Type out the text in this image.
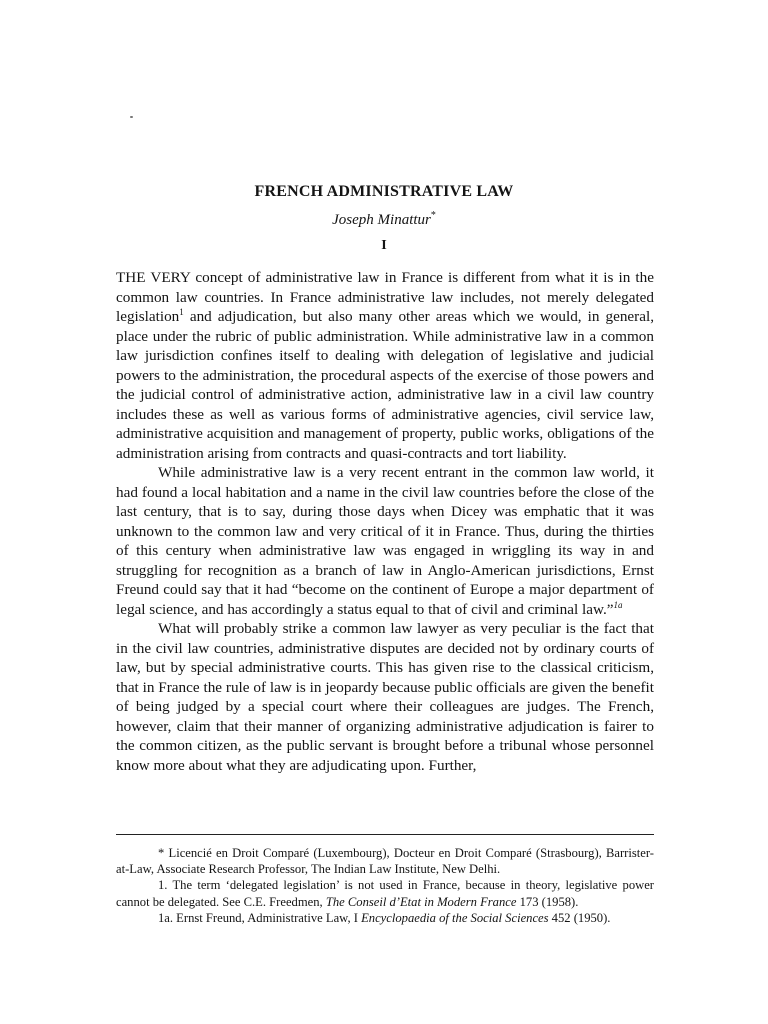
FRENCH ADMINISTRATIVE LAW
Joseph Minattur*
I

THE VERY concept of administrative law in France is different from what it is in the common law countries. In France administrative law includes, not merely delegated legislation$^1$ and adjudication, but also many other areas which we would, in general, place under the rubric of public administration. While administrative law in a common law jurisdiction confines itself to dealing with delegation of legislative and judicial powers to the administration, the procedural aspects of the exercise of those powers and the judicial control of administrative action, administrative law in a civil law country includes these as well as various forms of administrative agencies, civil service law, administrative acquisition and management of property, public works, obligations of the administration arising from contracts and quasi-contracts and tort liability.

While administrative law is a very recent entrant in the common law world, it had found a local habitation and a name in the civil law countries before the close of the last century, that is to say, during those days when Dicey was emphatic that it was unknown to the common law and very critical of it in France. Thus, during the thirties of this century when administrative law was engaged in wriggling its way in and struggling for recognition as a branch of law in Anglo-American jurisdictions, Ernst Freund could say that it had “become on the continent of Europe a major department of legal science, and has accordingly a status equal to that of civil and criminal law.”$^{1a}$

What will probably strike a common law lawyer as very peculiar is the fact that in the civil law countries, administrative disputes are decided not by ordinary courts of law, but by special administrative courts. This has given rise to the classical criticism, that in France the rule of law is in jeopardy because public officials are given the benefit of being judged by a special court where their colleagues are judges. The French, however, claim that their manner of organizing administrative adjudication is fairer to the common citizen, as the public servant is brought before a tribunal whose personnel know more about what they are adjudicating upon. Further,

* Licencié en Droit Comparé (Luxembourg), Docteur en Droit Comparé (Strasbourg), Barrister-at-Law, Associate Research Professor, The Indian Law Institute, New Delhi.

1. The term ‘delegated legislation’ is not used in France, because in theory, legislative power cannot be delegated. See C.E. Freedmen, The Conseil d’Etat in Modern France 173 (1958).

1a. Ernst Freund, Administrative Law, I Encyclopaedia of the Social Sciences 452 (1950).
